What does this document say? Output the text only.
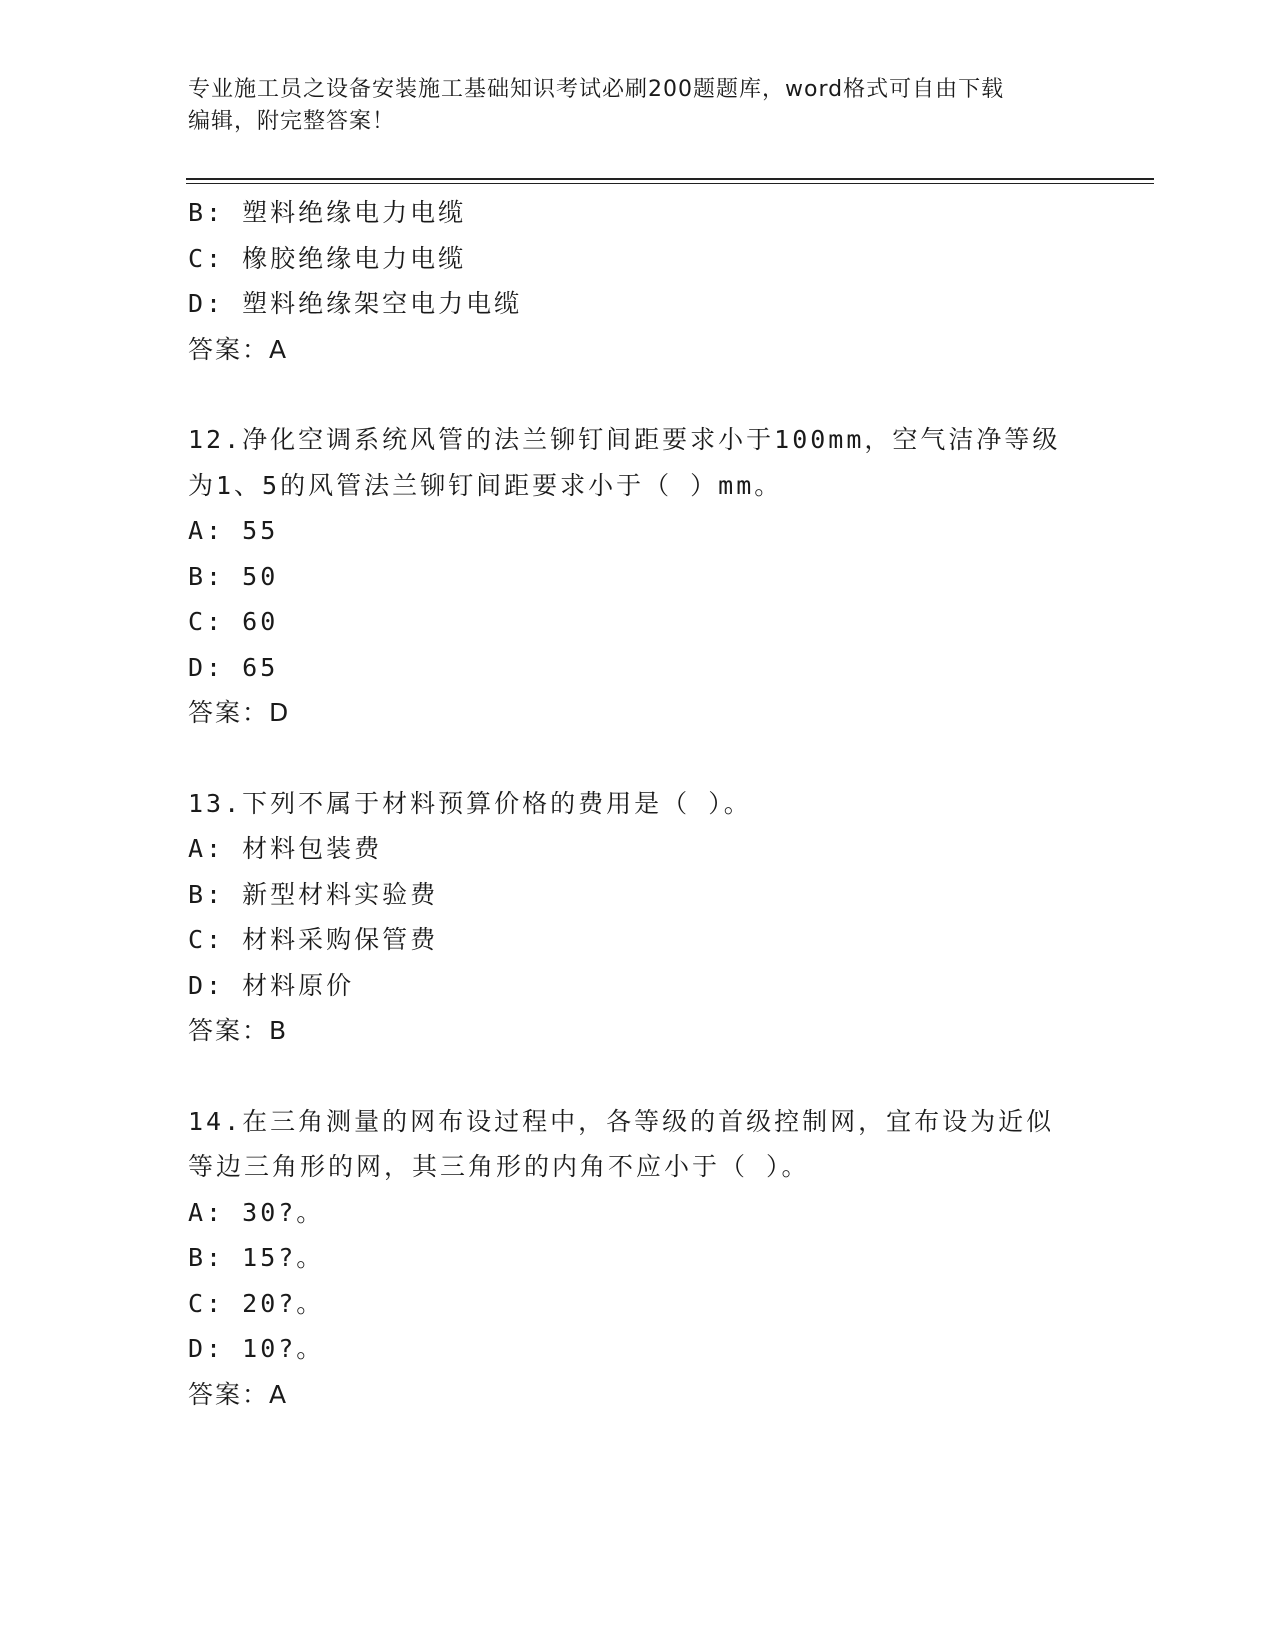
专业施工员之设备安装施工基础知识考试必刷200题题库，word格式可自由下载
编辑，附完整答案！
B: 塑料绝缘电力电缆
C: 橡胶绝缘电力电缆
D: 塑料绝缘架空电力电缆
答案：A
12.净化空调系统风管的法兰铆钉间距要求小于100mm，空气洁净等级
为1、5的风管法兰铆钉间距要求小于（ ）mm。
A: 55
B: 50
C: 60
D: 65
答案：D
13.下列不属于材料预算价格的费用是（ ）。
A: 材料包装费
B: 新型材料实验费
C: 材料采购保管费
D: 材料原价
答案：B
14.在三角测量的网布设过程中，各等级的首级控制网，宜布设为近似
等边三角形的网，其三角形的内角不应小于（ ）。
A: 30?。
B: 15?。
C: 20?。
D: 10?。
答案：A
